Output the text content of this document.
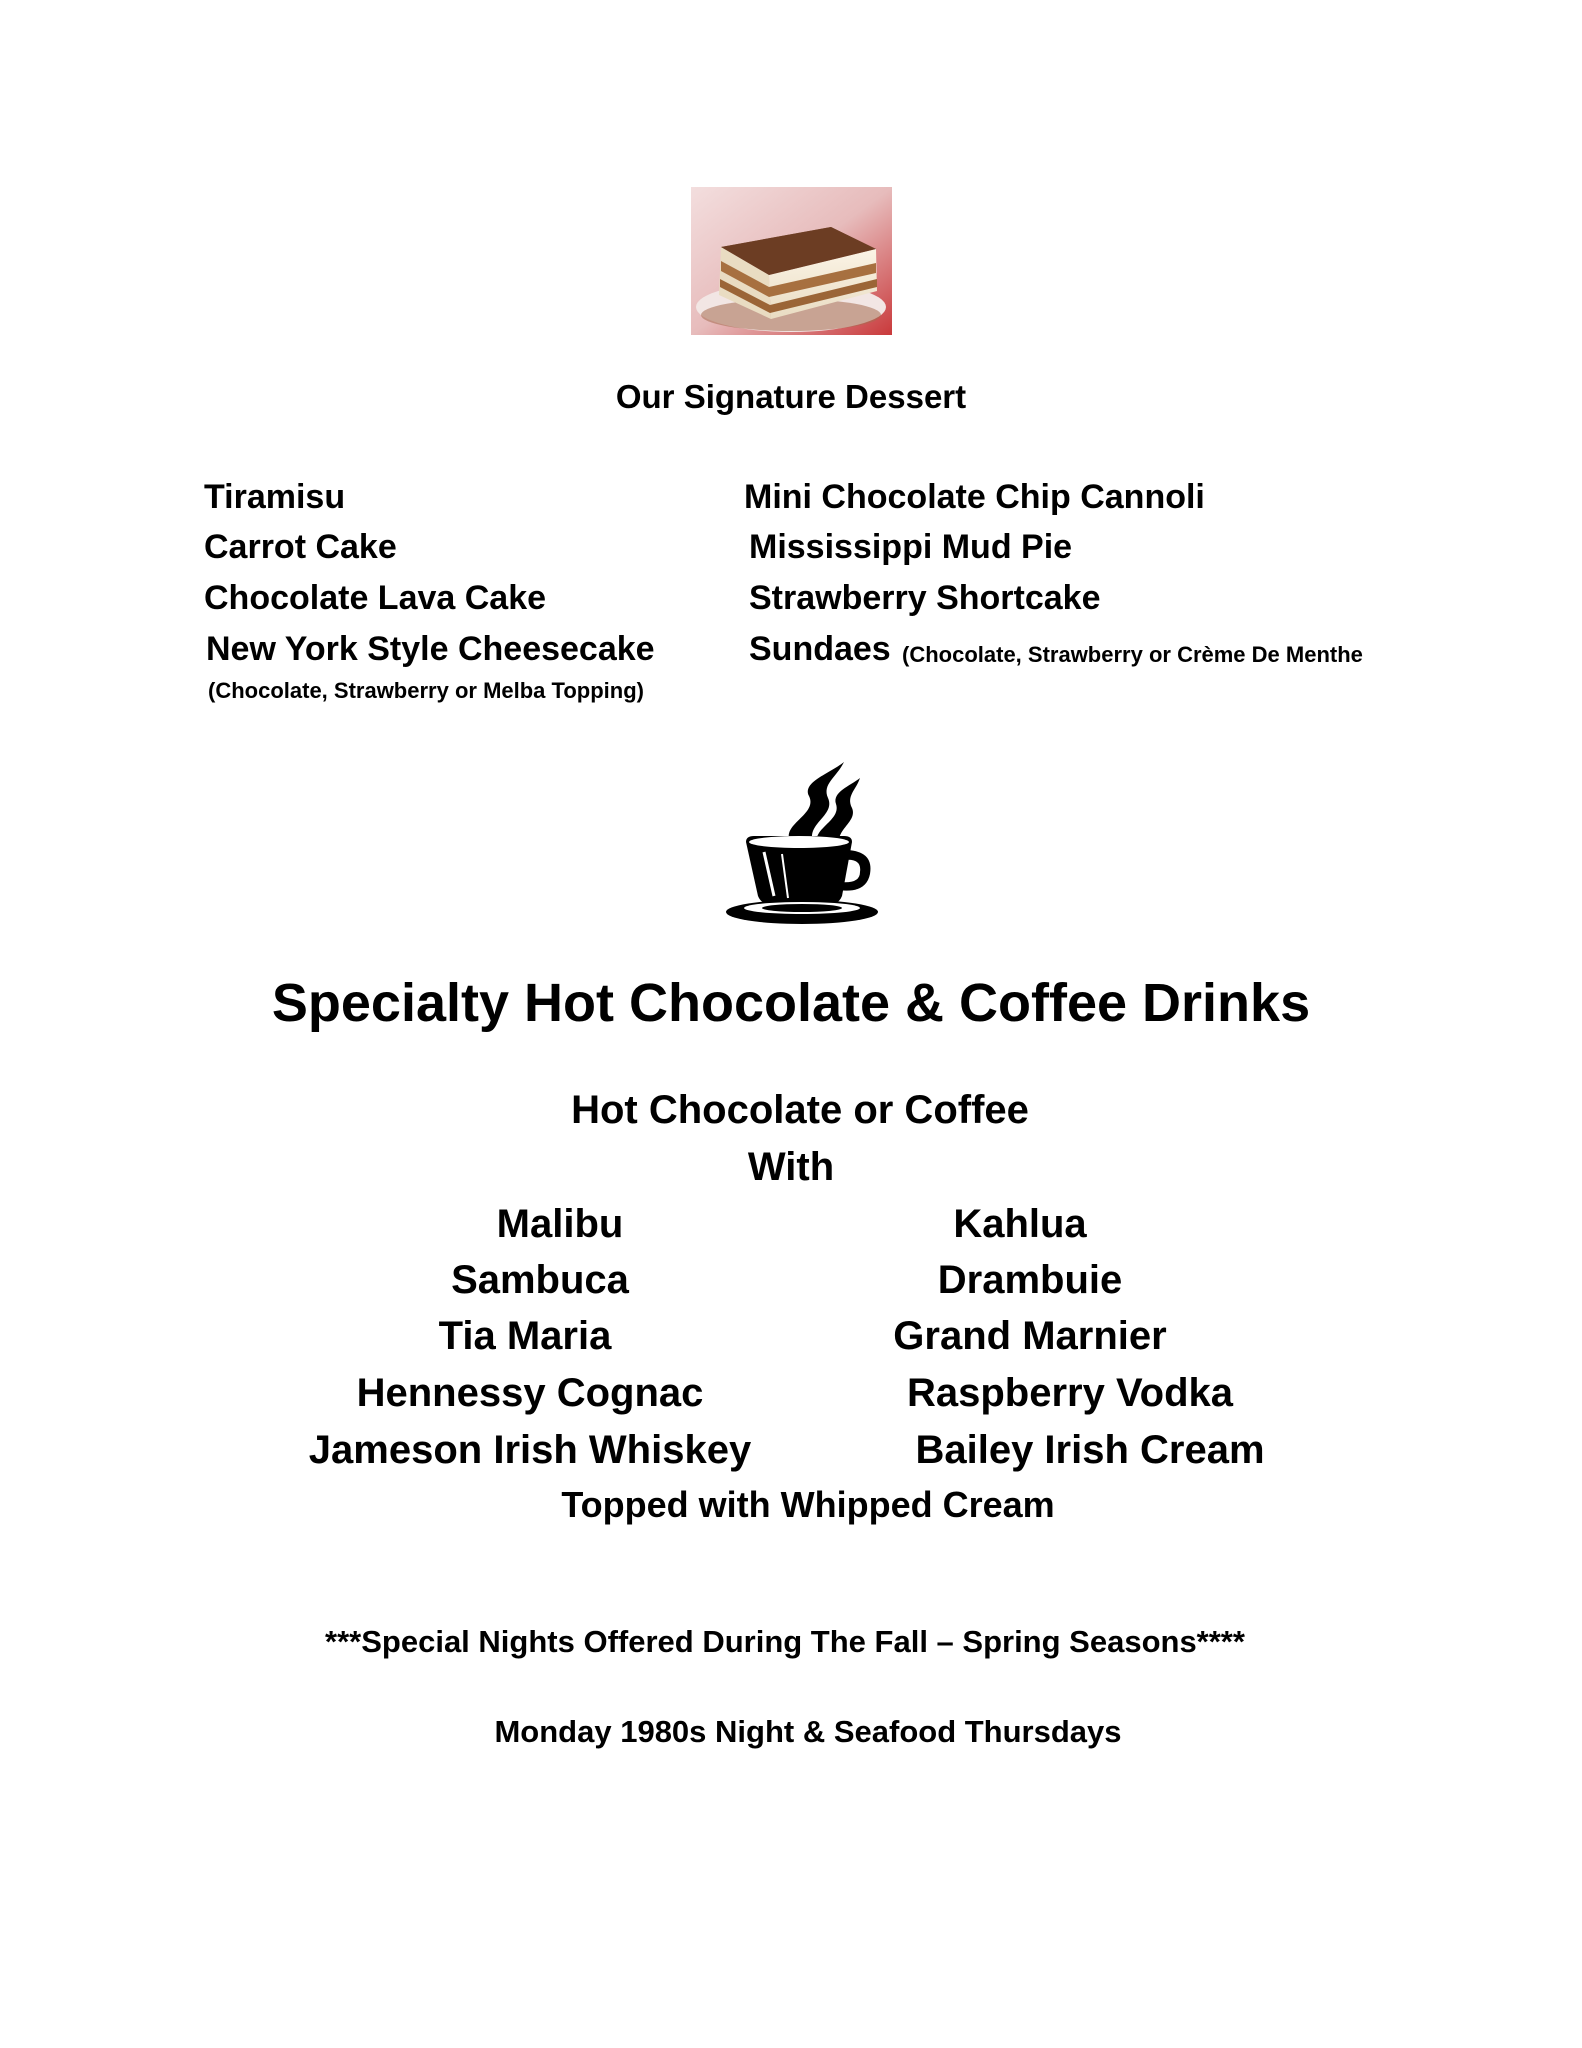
Our Signature Dessert
Tiramisu
Carrot Cake
Chocolate Lava Cake
New York Style Cheesecake
(Chocolate, Strawberry or Melba Topping)
Mini Chocolate Chip Cannoli
Mississippi Mud Pie
Strawberry Shortcake
Sundaes (Chocolate, Strawberry or Crème De Menthe
Specialty Hot Chocolate & Coffee Drinks
Hot Chocolate or Coffee
With
Malibu
Sambuca
Tia Maria
Hennessy Cognac
Jameson Irish Whiskey
Kahlua
Drambuie
Grand Marnier
Raspberry Vodka
Bailey Irish Cream
Topped with Whipped Cream
***Special Nights Offered During The Fall – Spring Seasons****
Monday 1980s Night & Seafood Thursdays
